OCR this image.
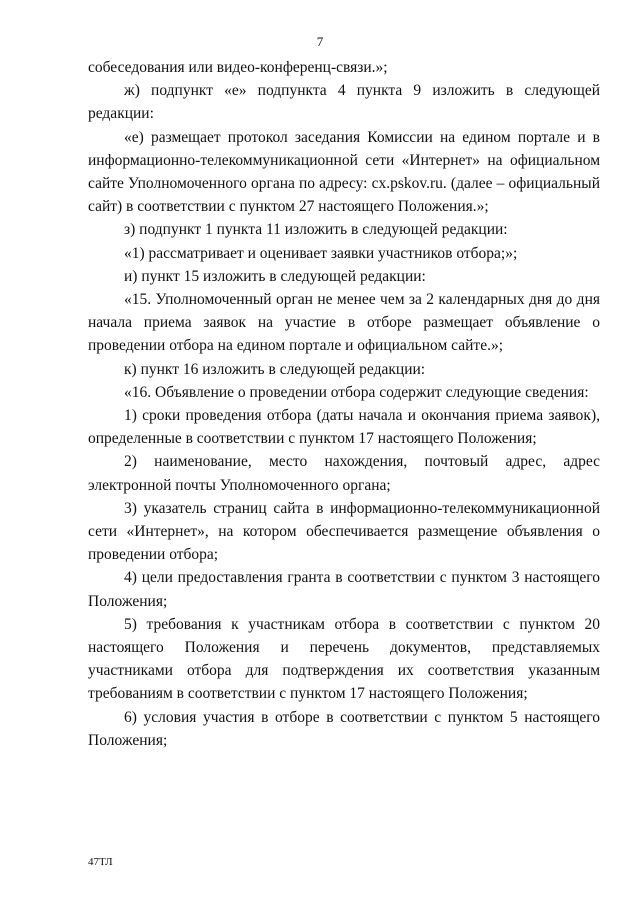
7

собеседования или видео-конференц-связи.»;

ж) подпункт «е» подпункта 4 пункта 9 изложить в следующей редакции:

«е) размещает протокол заседания Комиссии на едином портале и в информационно-телекоммуникационной сети «Интернет» на официальном сайте Уполномоченного органа по адресу: cx.pskov.ru. (далее – официальный сайт) в соответствии с пунктом 27 настоящего Положения.»;

з) подпункт 1 пункта 11 изложить в следующей редакции:

«1) рассматривает и оценивает заявки участников отбора;»;

и) пункт 15 изложить в следующей редакции:

«15. Уполномоченный орган не менее чем за 2 календарных дня до дня начала приема заявок на участие в отборе размещает объявление о проведении отбора на едином портале и официальном сайте.»;

к) пункт 16 изложить в следующей редакции:

«16. Объявление о проведении отбора содержит следующие сведения:

1) сроки проведения отбора (даты начала и окончания приема заявок), определенные в соответствии с пунктом 17 настоящего Положения;

2) наименование, место нахождения, почтовый адрес, адрес электронной почты Уполномоченного органа;

3) указатель страниц сайта в информационно-телекоммуникационной сети «Интернет», на котором обеспечивается размещение объявления о проведении отбора;

4) цели предоставления гранта в соответствии с пунктом 3 настоящего Положения;

5) требования к участникам отбора в соответствии с пунктом 20 настоящего Положения и перечень документов, представляемых участниками отбора для подтверждения их соответствия указанным требованиям в соответствии с пунктом 17 настоящего Положения;

6) условия участия в отборе в соответствии с пунктом 5 настоящего Положения;

47ТЛ
